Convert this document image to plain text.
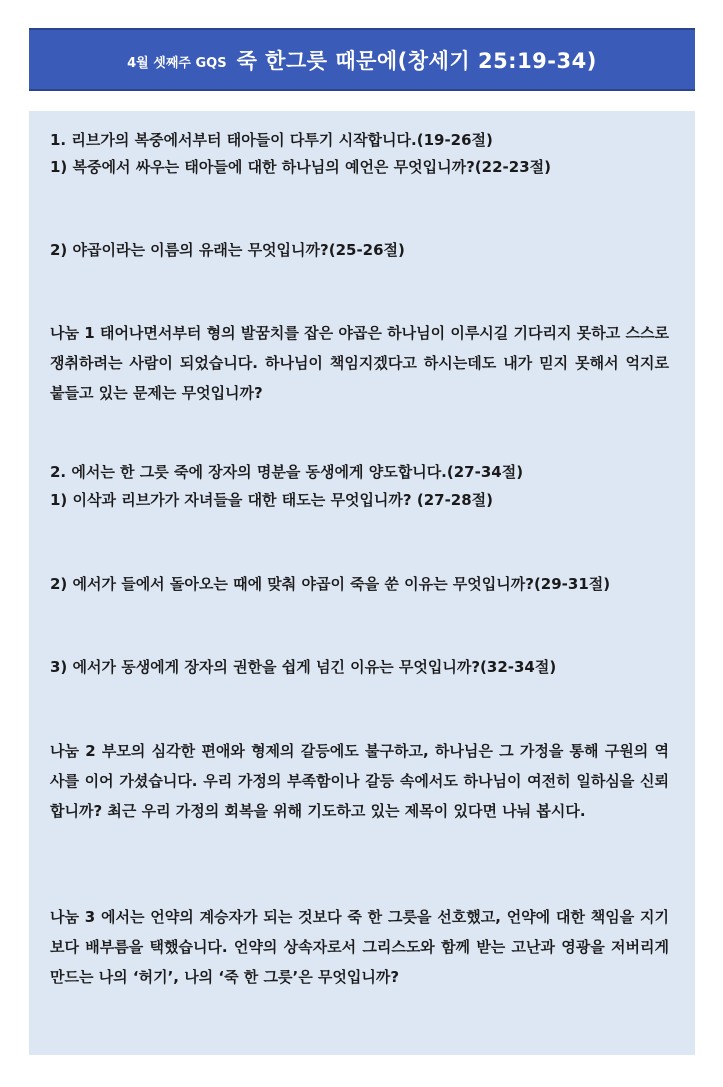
4월 셋째주 GQS 죽 한그릇 때문에(창세기 25:19-34)

1. 리브가의 복중에서부터 태아들이 다투기 시작합니다.(19-26절)

1) 복중에서 싸우는 태아들에 대한 하나님의 예언은 무엇입니까?(22-23절)

2) 야곱이라는 이름의 유래는 무엇입니까?(25-26절)

나눔 1 태어나면서부터 형의 발꿈치를 잡은 야곱은 하나님이 이루시길 기다리지 못하고 스스로 쟁취하려는 사람이 되었습니다. 하나님이 책임지겠다고 하시는데도 내가 믿지 못해서 억지로 붙들고 있는 문제는 무엇입니까?

2. 에서는 한 그릇 죽에 장자의 명분을 동생에게 양도합니다.(27-34절)

1) 이삭과 리브가가 자녀들을 대한 태도는 무엇입니까? (27-28절)

2) 에서가 들에서 돌아오는 때에 맞춰 야곱이 죽을 쑨 이유는 무엇입니까?(29-31절)

3) 에서가 동생에게 장자의 권한을 쉽게 넘긴 이유는 무엇입니까?(32-34절)

나눔 2 부모의 심각한 편애와 형제의 갈등에도 불구하고, 하나님은 그 가정을 통해 구원의 역사를 이어 가셨습니다. 우리 가정의 부족함이나 갈등 속에서도 하나님이 여전히 일하심을 신뢰합니까? 최근 우리 가정의 회복을 위해 기도하고 있는 제목이 있다면 나눠 봅시다.

나눔 3 에서는 언약의 계승자가 되는 것보다 죽 한 그릇을 선호했고, 언약에 대한 책임을 지기보다 배부름을 택했습니다. 언약의 상속자로서 그리스도와 함께 받는 고난과 영광을 저버리게 만드는 나의 ‘허기’, 나의 ‘죽 한 그릇’은 무엇입니까?
